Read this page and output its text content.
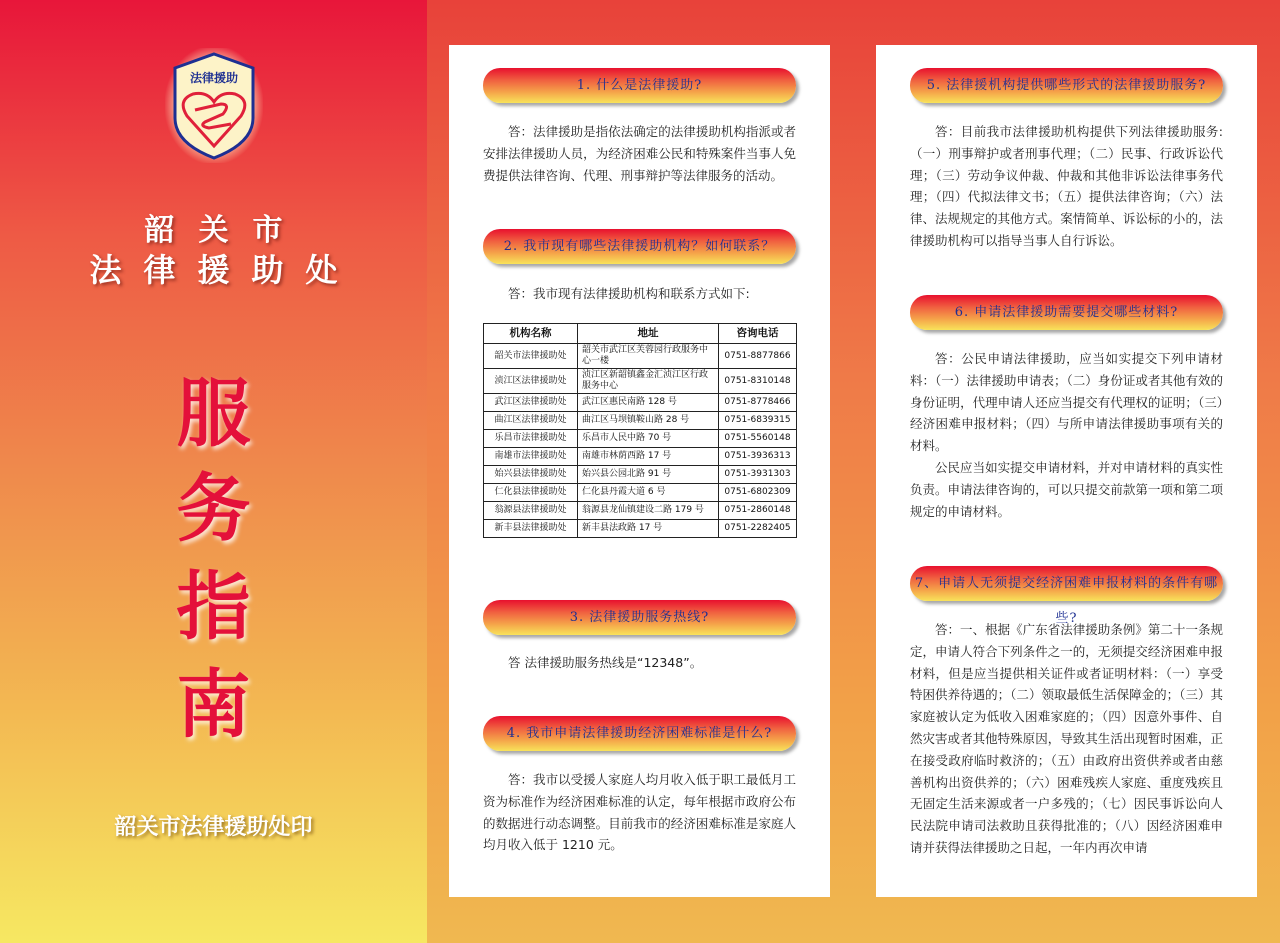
法律援助
韶关市
法律援助处
服
务
指
南
韶关市法律援助处印
1. 什么是法律援助?

答：法律援助是指依法确定的法律援助机构指派或者安排法律援助人员，为经济困难公民和特殊案件当事人免费提供法律咨询、代理、刑事辩护等法律服务的活动。

2. 我市现有哪些法律援助机构？如何联系？

答：我市现有法律援助机构和联系方式如下:

机构名称	地址	咨询电话
韶关市法律援助处	韶关市武江区芙蓉园行政服务中心一楼	0751-8877866
浈江区法律援助处	浈江区新韶镇鑫金汇浈江区行政服务中心	0751-8310148
武江区法律援助处	武江区惠民南路 128 号	0751-8778466
曲江区法律援助处	曲江区马坝镇鞍山路 28 号	0751-6839315
乐昌市法律援助处	乐昌市人民中路 70 号	0751-5560148
南雄市法律援助处	南雄市林荫西路 17 号	0751-3936313
始兴县法律援助处	始兴县公园北路 91 号	0751-3931303
仁化县法律援助处	仁化县丹霞大道 6 号	0751-6802309
翁源县法律援助处	翁源县龙仙镇建设二路 179 号	0751-2860148
新丰县法律援助处	新丰县法政路 17 号	0751-2282405
3. 法律援助服务热线?

答 法律援助服务热线是“12348”。

4. 我市申请法律援助经济困难标准是什么?

答：我市以受援人家庭人均月收入低于职工最低月工资为标准作为经济困难标准的认定，每年根据市政府公布的数据进行动态调整。目前我市的经济困难标准是家庭人均月收入低于 1210 元。

5. 法律援机构提供哪些形式的法律援助服务?

答：目前我市法律援助机构提供下列法律援助服务:（一）刑事辩护或者刑事代理；（二）民事、行政诉讼代理；（三）劳动争议仲裁、仲裁和其他非诉讼法律事务代理；（四）代拟法律文书；（五）提供法律咨询；（六）法律、法规规定的其他方式。案情简单、诉讼标的小的，法律援助机构可以指导当事人自行诉讼。

6. 申请法律援助需要提交哪些材料?

答：公民申请法律援助，应当如实提交下列申请材料：（一）法律援助申请表；（二）身份证或者其他有效的身份证明，代理申请人还应当提交有代理权的证明；（三）经济困难申报材料；（四）与所申请法律援助事项有关的材料。

公民应当如实提交申请材料，并对申请材料的真实性负责。申请法律咨询的，可以只提交前款第一项和第二项规定的申请材料。

7、申请人无须提交经济困难申报材料的条件有哪些?

答：一、根据《广东省法律援助条例》第二十一条规定，申请人符合下列条件之一的，无须提交经济困难申报材料，但是应当提供相关证件或者证明材料：（一）享受特困供养待遇的；（二）领取最低生活保障金的；（三）其家庭被认定为低收入困难家庭的；（四）因意外事件、自然灾害或者其他特殊原因，导致其生活出现暂时困难，正在接受政府临时救济的；（五）由政府出资供养或者由慈善机构出资供养的；（六）困难残疾人家庭、重度残疾且无固定生活来源或者一户多残的；（七）因民事诉讼向人民法院申请司法救助且获得批准的；（八）因经济困难申请并获得法律援助之日起，一年内再次申请
